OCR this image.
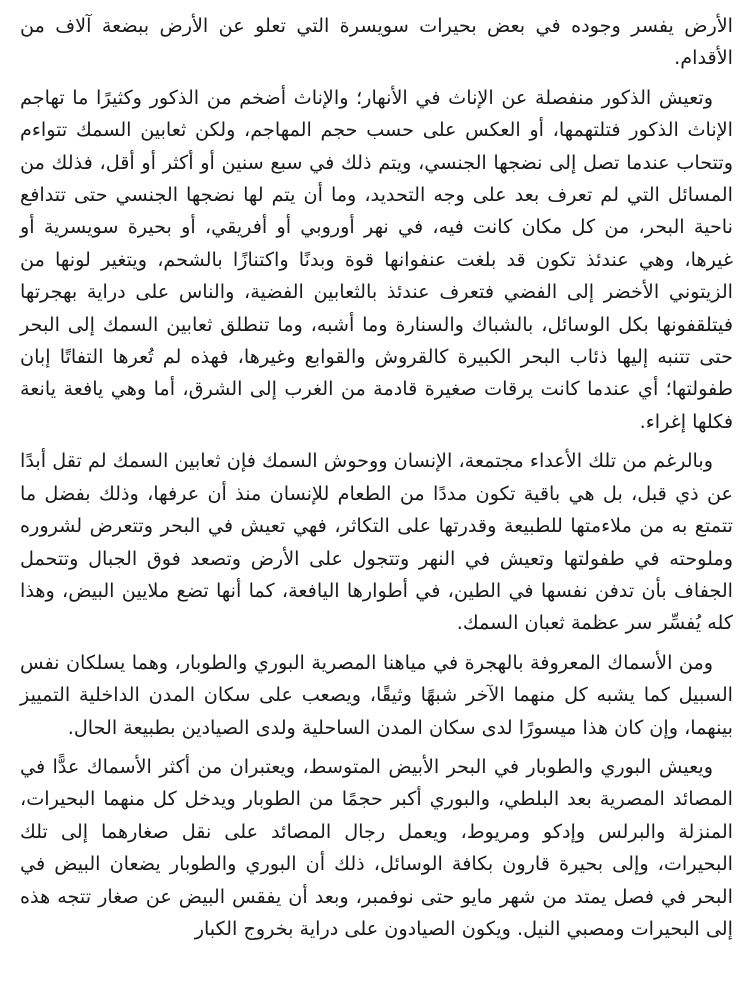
الأرض يفسر وجوده في بعض بحيرات سويسرة التي تعلو عن الأرض ببضعة آلاف من الأقدام.

وتعيش الذكور منفصلة عن الإناث في الأنهار؛ والإناث أضخم من الذكور وكثيرًا ما تهاجم الإناث الذكور فتلتهمها، أو العكس على حسب حجم المهاجم، ولكن ثعابين السمك تتواءم وتتحاب عندما تصل إلى نضجها الجنسي، ويتم ذلك في سبع سنين أو أكثر أو أقل، فذلك من المسائل التي لم تعرف بعد على وجه التحديد، وما أن يتم لها نضجها الجنسي حتى تتدافع ناحية البحر، من كل مكان كانت فيه، في نهر أوروبي أو أفريقي، أو بحيرة سويسرية أو غيرها، وهي عندئذ تكون قد بلغت عنفوانها قوة وبدنًا واكتنازًا بالشحم، ويتغير لونها من الزيتوني الأخضر إلى الفضي فتعرف عندئذ بالثعابين الفضية، والناس على دراية بهجرتها فيتلقفونها بكل الوسائل، بالشباك والسنارة وما أشبه، وما تنطلق ثعابين السمك إلى البحر حتى تتنبه إليها ذئاب البحر الكبيرة كالقروش والقوابع وغيرها، فهذه لم تُعرها التفاتًا إبان طفولتها؛ أي عندما كانت يرقات صغيرة قادمة من الغرب إلى الشرق، أما وهي يافعة يانعة فكلها إغراء.

وبالرغم من تلك الأعداء مجتمعة، الإنسان ووحوش السمك فإن ثعابين السمك لم تقل أبدًا عن ذي قبل، بل هي باقية تكون مددًا من الطعام للإنسان منذ أن عرفها، وذلك بفضل ما تتمتع به من ملاءمتها للطبيعة وقدرتها على التكاثر، فهي تعيش في البحر وتتعرض لشروره وملوحته في طفولتها وتعيش في النهر وتتجول على الأرض وتصعد فوق الجبال وتتحمل الجفاف بأن تدفن نفسها في الطين، في أطوارها اليافعة، كما أنها تضع ملايين البيض، وهذا كله يُفسِّر سر عظمة ثعبان السمك.

ومن الأسماك المعروفة بالهجرة في مياهنا المصرية البوري والطوبار، وهما يسلكان نفس السبيل كما يشبه كل منهما الآخر شبهًا وثيقًا، ويصعب على سكان المدن الداخلية التمييز بينهما، وإن كان هذا ميسورًا لدى سكان المدن الساحلية ولدى الصيادين بطبيعة الحال.

ويعيش البوري والطوبار في البحر الأبيض المتوسط، ويعتبران من أكثر الأسماك عدًّا في المصائد المصرية بعد البلطي، والبوري أكبر حجمًا من الطوبار ويدخل كل منهما البحيرات، المنزلة والبرلس وإدكو ومريوط، ويعمل رجال المصائد على نقل صغارهما إلى تلك البحيرات، وإلى بحيرة قارون بكافة الوسائل، ذلك أن البوري والطوبار يضعان البيض في البحر في فصل يمتد من شهر مايو حتى نوفمبر، وبعد أن يفقس البيض عن صغار تتجه هذه إلى البحيرات ومصبي النيل. ويكون الصيادون على دراية بخروج الكبار
